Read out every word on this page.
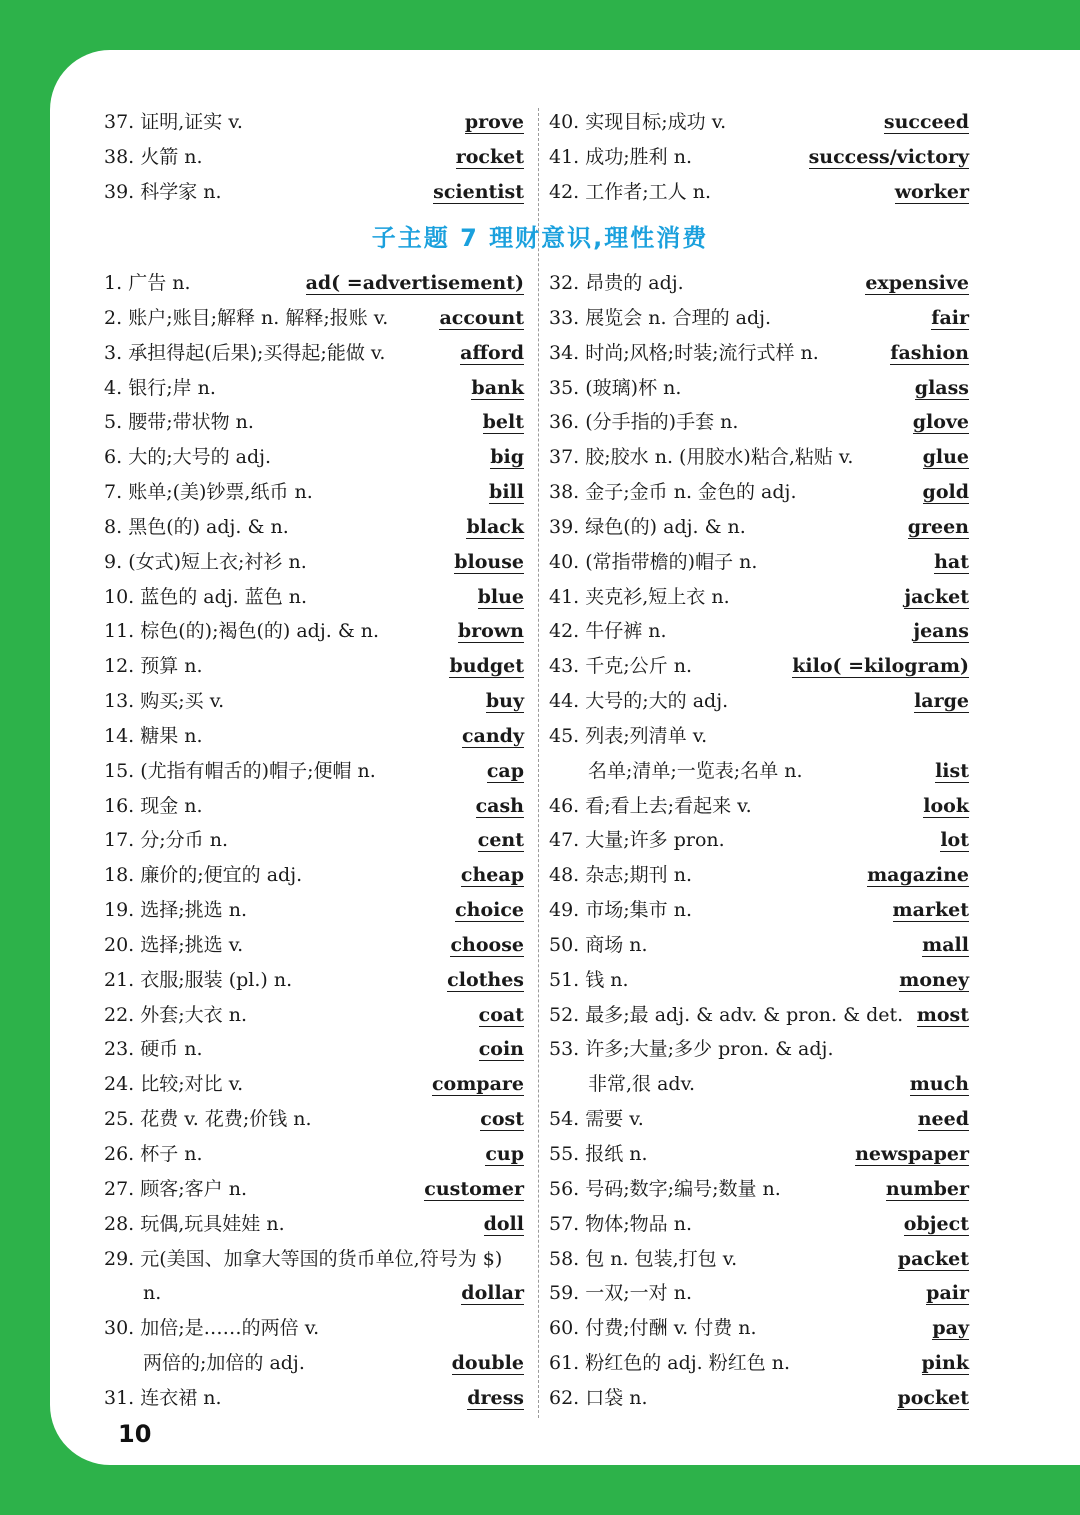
37. 证明,证实 v.	prove
38. 火箭 n.	rocket
39. 科学家 n.	scientist
40. 实现目标;成功 v.	succeed
41. 成功;胜利 n.	success/victory
42. 工作者;工人 n.	worker
子主题 7 理财意识,理性消费
1. 广告 n.	ad( =advertisement)
2. 账户;账目;解释 n. 解释;报账 v.	account
3. 承担得起(后果);买得起;能做 v.	afford
4. 银行;岸 n.	bank
5. 腰带;带状物 n.	belt
6. 大的;大号的 adj.	big
7. 账单;(美)钞票,纸币 n.	bill
8. 黑色(的) adj. & n.	black
9. (女式)短上衣;衬衫 n.	blouse
10. 蓝色的 adj. 蓝色 n.	blue
11. 棕色(的);褐色(的) adj. & n.	brown
12. 预算 n.	budget
13. 购买;买 v.	buy
14. 糖果 n.	candy
15. (尤指有帽舌的)帽子;便帽 n.	cap
16. 现金 n.	cash
17. 分;分币 n.	cent
18. 廉价的;便宜的 adj.	cheap
19. 选择;挑选 n.	choice
20. 选择;挑选 v.	choose
21. 衣服;服装 (pl.) n.	clothes
22. 外套;大衣 n.	coat
23. 硬币 n.	coin
24. 比较;对比 v.	compare
25. 花费 v. 花费;价钱 n.	cost
26. 杯子 n.	cup
27. 顾客;客户 n.	customer
28. 玩偶,玩具娃娃 n.	doll
29. 元(美国、加拿大等国的货币单位,符号为 $)
n.	dollar
30. 加倍;是……的两倍 v.
两倍的;加倍的 adj.	double
31. 连衣裙 n.	dress
32. 昂贵的 adj.	expensive
33. 展览会 n. 合理的 adj.	fair
34. 时尚;风格;时装;流行式样 n.	fashion
35. (玻璃)杯 n.	glass
36. (分手指的)手套 n.	glove
37. 胶;胶水 n. (用胶水)粘合,粘贴 v.	glue
38. 金子;金币 n. 金色的 adj.	gold
39. 绿色(的) adj. & n.	green
40. (常指带檐的)帽子 n.	hat
41. 夹克衫,短上衣 n.	jacket
42. 牛仔裤 n.	jeans
43. 千克;公斤 n.	kilo( =kilogram)
44. 大号的;大的 adj.	large
45. 列表;列清单 v.
名单;清单;一览表;名单 n.	list
46. 看;看上去;看起来 v.	look
47. 大量;许多 pron.	lot
48. 杂志;期刊 n.	magazine
49. 市场;集市 n.	market
50. 商场 n.	mall
51. 钱 n.	money
52. 最多;最 adj. & adv. & pron. & det. most
53. 许多;大量;多少 pron. & adj.
非常,很 adv.	much
54. 需要 v.	need
55. 报纸 n.	newspaper
56. 号码;数字;编号;数量 n.	number
57. 物体;物品 n.	object
58. 包 n. 包装,打包 v.	packet
59. 一双;一对 n.	pair
60. 付费;付酬 v. 付费 n.	pay
61. 粉红色的 adj. 粉红色 n.	pink
62. 口袋 n.	pocket
10
